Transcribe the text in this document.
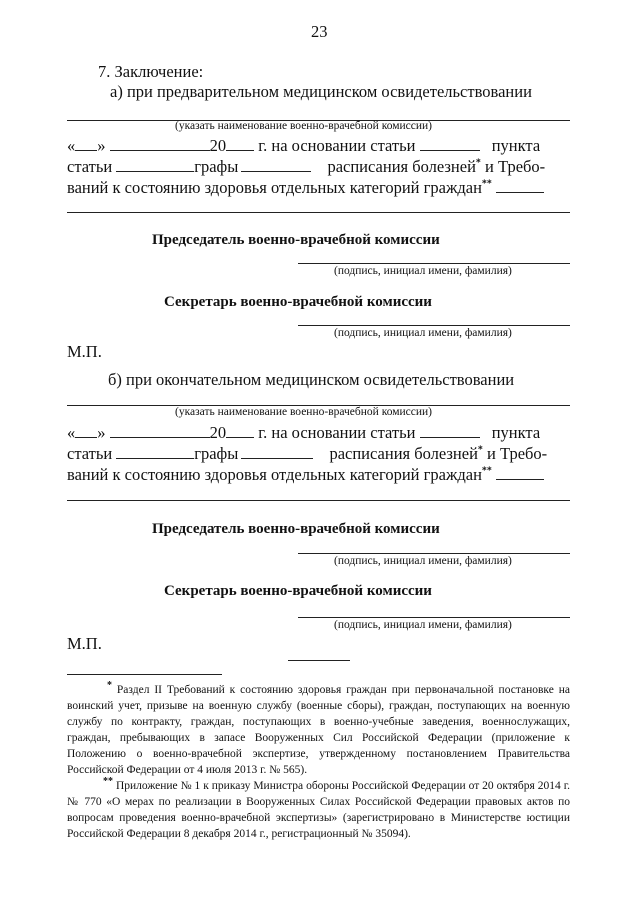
23
7. Заключение:
а) при предварительном медицинском освидетельствовании
(указать наименование военно-врачебной комиссии)
« »	20 г. на основании статьи	пункта
статьи	графы	расписания болезней* и Требо-
ваний к состоянию здоровья отдельных категорий граждан**
Председатель военно-врачебной комиссии
(подпись, инициал имени, фамилия)
Секретарь военно-врачебной комиссии
(подпись, инициал имени, фамилия)
М.П.
б) при окончательном медицинском освидетельствовании
(указать наименование военно-врачебной комиссии)
« »	20 г. на основании статьи	пункта
статьи	графы	расписания болезней* и Требо-
ваний к состоянию здоровья отдельных категорий граждан**
Председатель военно-врачебной комиссии
(подпись, инициал имени, фамилия)
Секретарь военно-врачебной комиссии
(подпись, инициал имени, фамилия)
М.П.
* Раздел II Требований к состоянию здоровья граждан при первоначальной постановке на воинский учет, призыве на военную службу (военные сборы), граждан, поступающих на военную службу по контракту, граждан, поступающих в военно-учебные заведения, военнослужащих, граждан, пребывающих в запасе Вооруженных Сил Российской Федерации (приложение к Положению о военно-врачебной экспертизе, утвержденному постановлением Правительства Российской Федерации от 4 июля 2013 г. № 565).
** Приложение № 1 к приказу Министра обороны Российской Федерации от 20 октября 2014 г. № 770 «О мерах по реализации в Вооруженных Силах Российской Федерации правовых актов по вопросам проведения военно-врачебной экспертизы» (зарегистрировано в Министерстве юстиции Российской Федерации 8 декабря 2014 г., регистрационный № 35094).
